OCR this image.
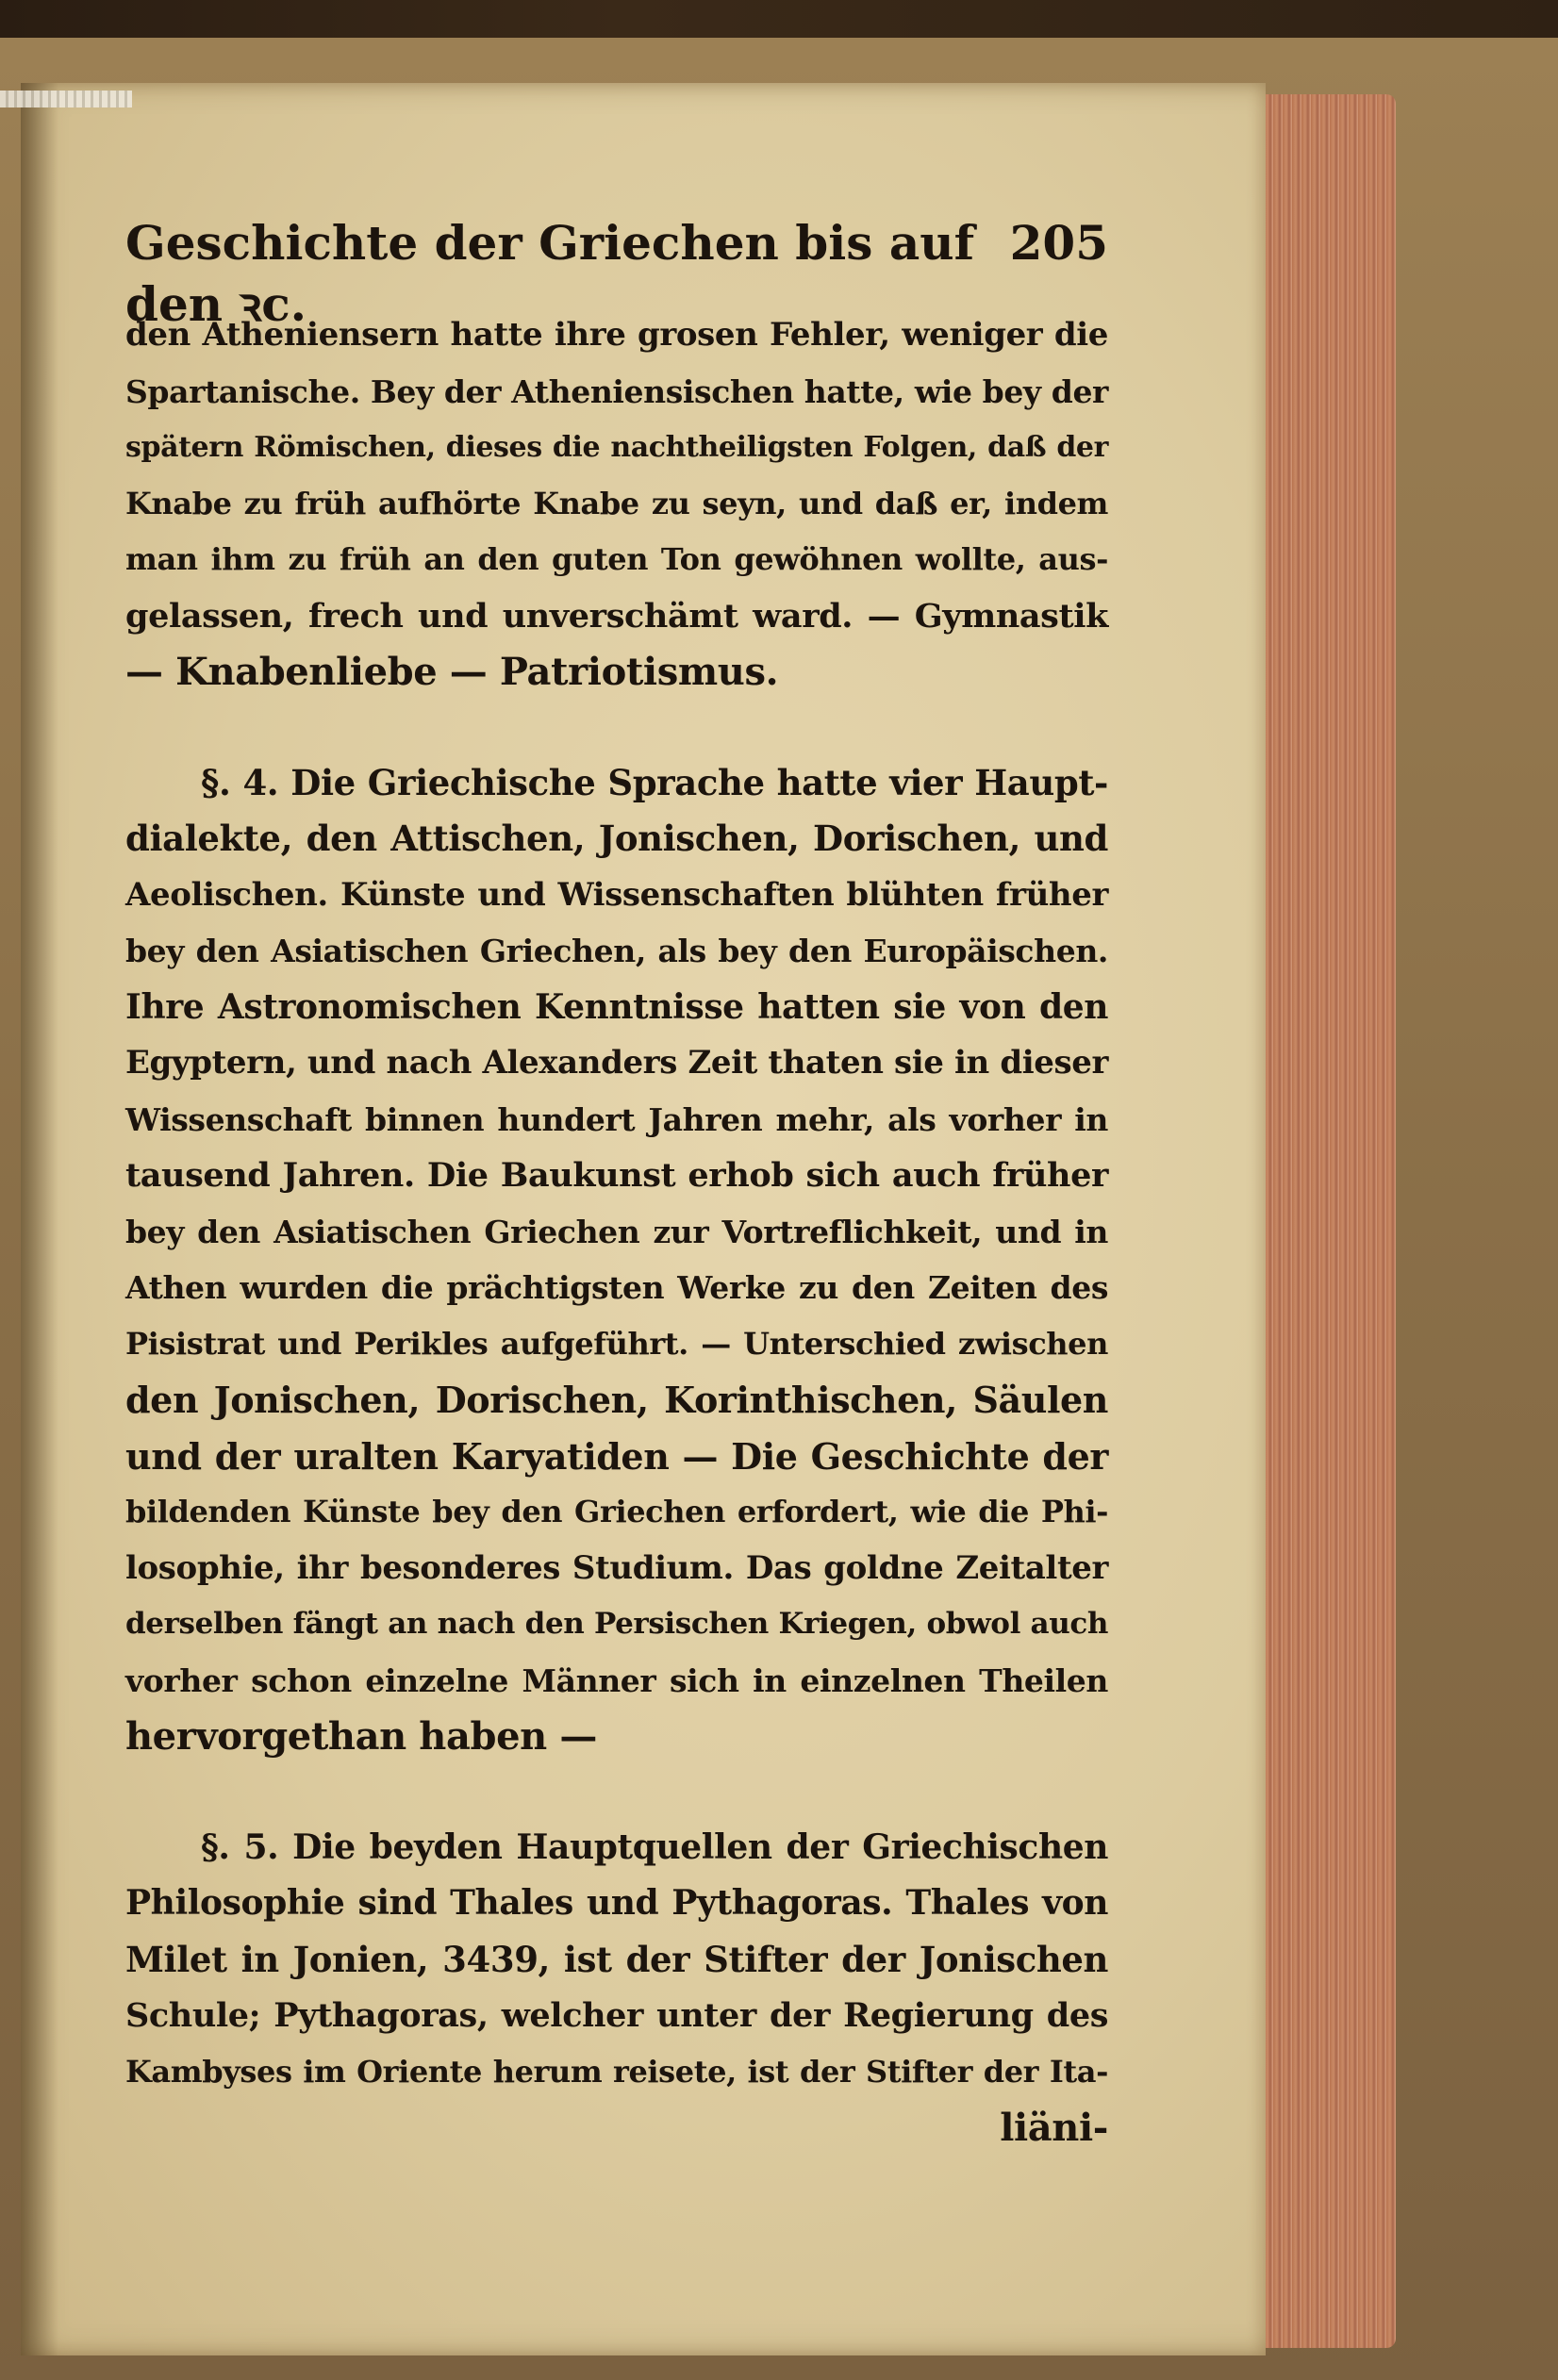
Geschichte der Griechen bis auf den ꝛc.
205
den Atheniensern hatte ihre grosen Fehler, weniger die
Spartanische. Bey der Atheniensischen hatte, wie bey der
spätern Römischen, dieses die nachtheiligsten Folgen, daß der
Knabe zu früh aufhörte Knabe zu seyn, und daß er, indem
man ihm zu früh an den guten Ton gewöhnen wollte, aus-
gelassen, frech und unverschämt ward. — Gymnastik
— Knabenliebe — Patriotismus.
§. 4. Die Griechische Sprache hatte vier Haupt-
dialekte, den Attischen, Jonischen, Dorischen, und
Aeolischen. Künste und Wissenschaften blühten früher
bey den Asiatischen Griechen, als bey den Europäischen.
Ihre Astronomischen Kenntnisse hatten sie von den
Egyptern, und nach Alexanders Zeit thaten sie in dieser
Wissenschaft binnen hundert Jahren mehr, als vorher in
tausend Jahren. Die Baukunst erhob sich auch früher
bey den Asiatischen Griechen zur Vortreflichkeit, und in
Athen wurden die prächtigsten Werke zu den Zeiten des
Pisistrat und Perikles aufgeführt. — Unterschied zwischen
den Jonischen, Dorischen, Korinthischen, Säulen
und der uralten Karyatiden — Die Geschichte der
bildenden Künste bey den Griechen erfordert, wie die Phi-
losophie, ihr besonderes Studium. Das goldne Zeitalter
derselben fängt an nach den Persischen Kriegen, obwol auch
vorher schon einzelne Männer sich in einzelnen Theilen
hervorgethan haben —
§. 5. Die beyden Hauptquellen der Griechischen
Philosophie sind Thales und Pythagoras. Thales von
Milet in Jonien, 3439, ist der Stifter der Jonischen
Schule; Pythagoras, welcher unter der Regierung des
Kambyses im Oriente herum reisete, ist der Stifter der Ita-
liäni-
